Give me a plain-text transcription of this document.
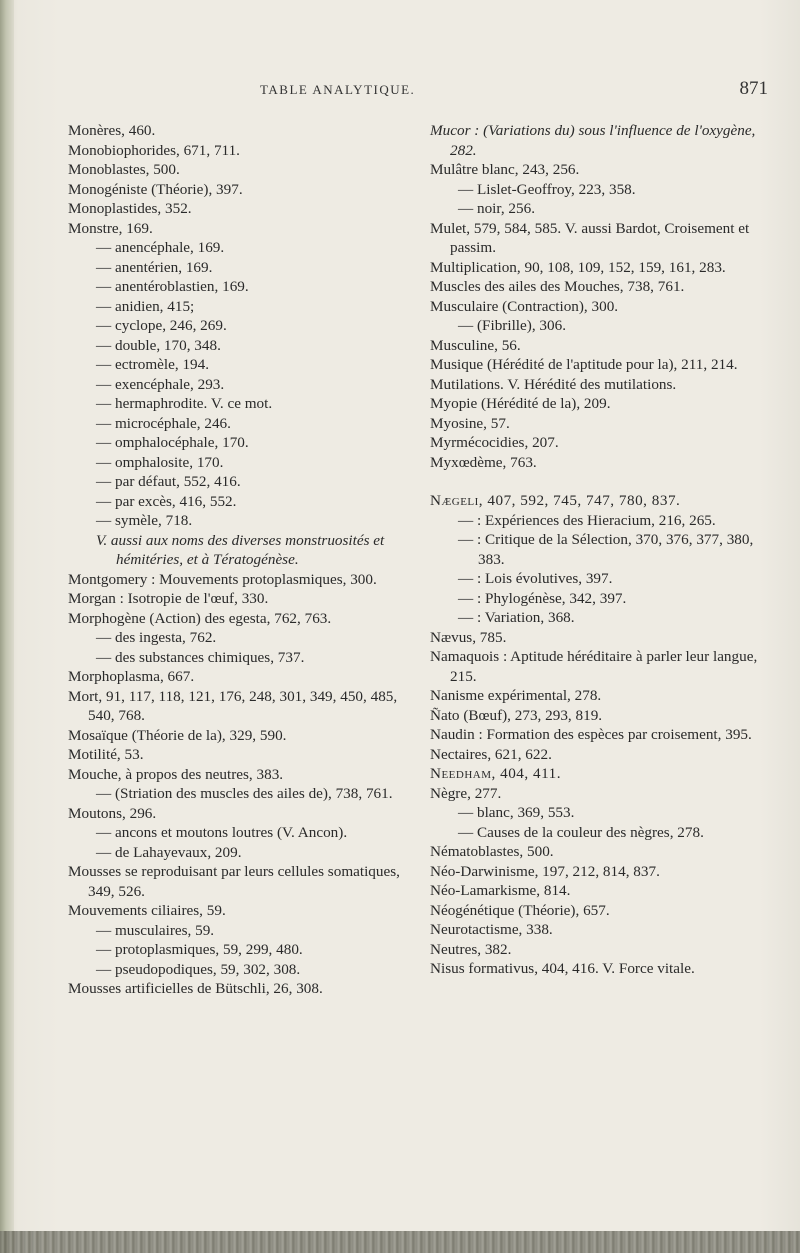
TABLE ANALYTIQUE.	871

Monères, 460.

Monobiophorides, 671, 711.

Monoblastes, 500.

Monogéniste (Théorie), 397.

Monoplastides, 352.

Monstre, 169.

— anencéphale, 169.

— anentérien, 169.

— anentéroblastien, 169.

— anidien, 415;

— cyclope, 246, 269.

— double, 170, 348.

— ectromèle, 194.

— exencéphale, 293.

— hermaphrodite. V. ce mot.

— microcéphale, 246.

— omphalocéphale, 170.

— omphalosite, 170.

— par défaut, 552, 416.

— par excès, 416, 552.

— symèle, 718.

V. aussi aux noms des diverses monstruosités et hémitéries, et à Tératogénèse.

Montgomery : Mouvements protoplasmiques, 300.

Morgan : Isotropie de l'œuf, 330.

Morphogène (Action) des egesta, 762, 763.

— des ingesta, 762.

— des substances chimiques, 737.

Morphoplasma, 667.

Mort, 91, 117, 118, 121, 176, 248, 301, 349, 450, 485, 540, 768.

Mosaïque (Théorie de la), 329, 590.

Motilité, 53.

Mouche, à propos des neutres, 383.

— (Striation des muscles des ailes de), 738, 761.

Moutons, 296.

— ancons et moutons loutres (V. Ancon).

— de Lahayevaux, 209.

Mousses se reproduisant par leurs cellules somatiques, 349, 526.

Mouvements ciliaires, 59.

— musculaires, 59.

— protoplasmiques, 59, 299, 480.

— pseudopodiques, 59, 302, 308.

Mousses artificielles de Bütschli, 26, 308.

Mucor : (Variations du) sous l'influence de l'oxygène, 282.

Mulâtre blanc, 243, 256.

— Lislet-Geoffroy, 223, 358.

— noir, 256.

Mulet, 579, 584, 585. V. aussi Bardot, Croisement et passim.

Multiplication, 90, 108, 109, 152, 159, 161, 283.

Muscles des ailes des Mouches, 738, 761.

Musculaire (Contraction), 300.

— (Fibrille), 306.

Musculine, 56.

Musique (Hérédité de l'aptitude pour la), 211, 214.

Mutilations. V. Hérédité des mutilations.

Myopie (Hérédité de la), 209.

Myosine, 57.

Myrmécocidies, 207.

Myxœdème, 763.

Nægeli, 407, 592, 745, 747, 780, 837.

— : Expériences des Hieracium, 216, 265.

— : Critique de la Sélection, 370, 376, 377, 380, 383.

— : Lois évolutives, 397.

— : Phylogénèse, 342, 397.

— : Variation, 368.

Nævus, 785.

Namaquois : Aptitude héréditaire à parler leur langue, 215.

Nanisme expérimental, 278.

Ñato (Bœuf), 273, 293, 819.

Naudin : Formation des espèces par croisement, 395.

Nectaires, 621, 622.

Needham, 404, 411.

Nègre, 277.

— blanc, 369, 553.

— Causes de la couleur des nègres, 278.

Nématoblastes, 500.

Néo-Darwinisme, 197, 212, 814, 837.

Néo-Lamarkisme, 814.

Néogénétique (Théorie), 657.

Neurotactisme, 338.

Neutres, 382.

Nisus formativus, 404, 416. V. Force vitale.
